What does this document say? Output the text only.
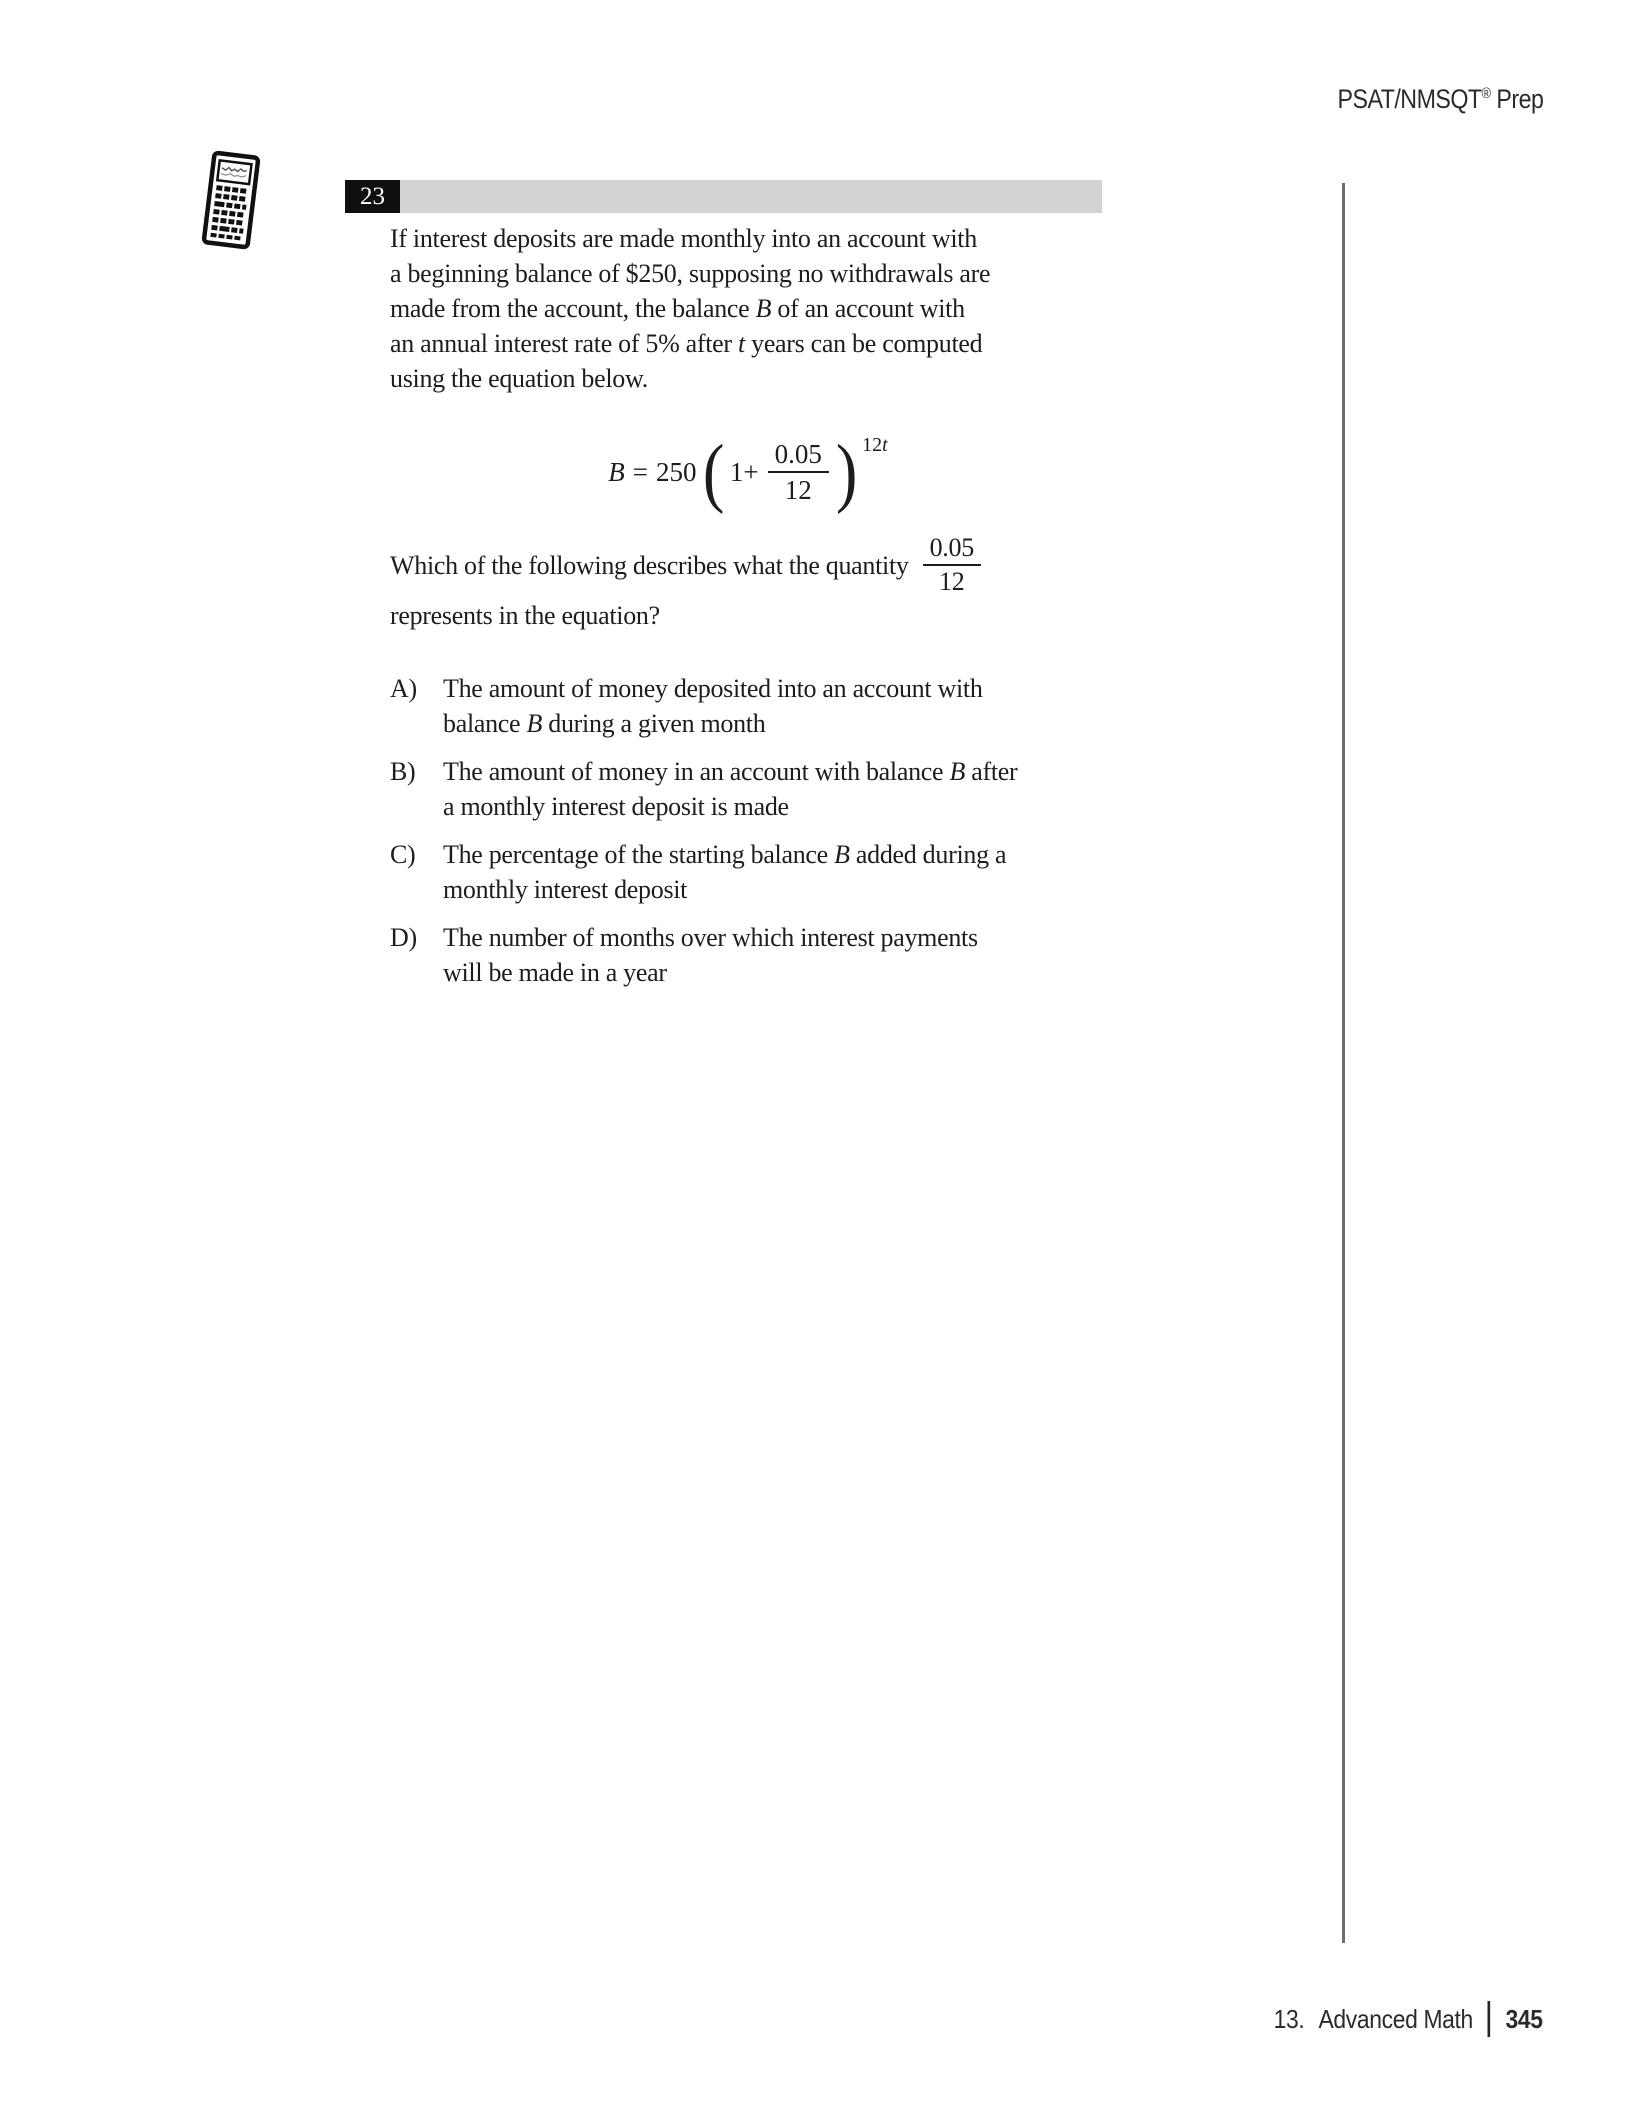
PSAT/NMSQT® Prep
23
If interest deposits are made monthly into an account with
a beginning balance of $250, supposing no withdrawals are
made from the account, the balance B of an account with
an annual interest rate of 5% after t years can be computed
using the equation below.
B = 250 ( $1+ \frac{0.05}{12}$ ) 12t
Which of the following describes what the quantity $\frac{0.05}{12}$
represents in the equation?
A)	The amount of money deposited into an account with
balance B during a given month
B)	The amount of money in an account with balance B after
a monthly interest deposit is made
C)	The percentage of the starting balance B added during a
monthly interest deposit
D)	The number of months over which interest payments
will be made in a year
13. Advanced Math 345
